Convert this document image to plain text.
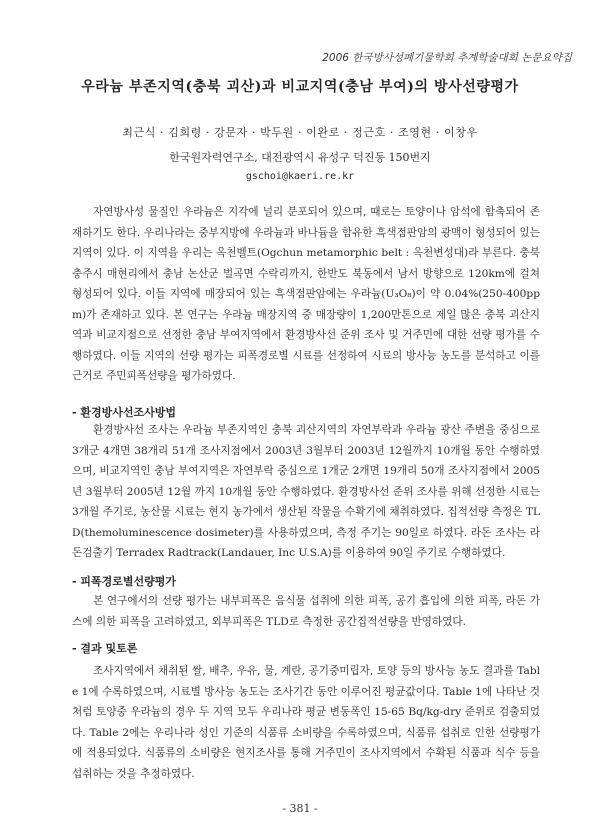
2006 한국방사성폐기물학회 추계학술대회 논문요약집
우라늄 부존지역(충북 괴산)과 비교지역(충남 부여)의 방사선량평가
최근식 · 김희령 · 강문자 · 박두원 · 이완로 · 정근호 · 조영현 · 이창우
한국원자력연구소, 대전광역시 유성구 덕진동 150번지
gschoi@kaeri.re.kr

자연방사성 물질인 우라늄은 지각에 널리 분포되어 있으며, 때로는 토양이나 암석에 함축되어 존재하기도 한다. 우리나라는 중부지방에 우라늄과 바나듐을 함유한 흑색점판암의 광맥이 형성되어 있는 지역이 있다. 이 지역을 우리는 옥천벨트(Ogchun metamorphic belt : 옥천변성대)라 부른다. 충북 충주시 매현리에서 충남 논산군 벌곡면 수락리까지, 한반도 북동에서 남서 방향으로 120km에 걸쳐 형성되어 있다. 이들 지역에 매장되어 있는 흑색점판암에는 우라늄(U₃O₈)이 약 0.04%(250-400ppm)가 존재하고 있다. 본 연구는 우라늄 매장지역 중 매장량이 1,200만톤으로 제일 많은 충북 괴산지역과 비교지점으로 선정한 충남 부여지역에서 환경방사선 준위 조사 및 거주민에 대한 선량 평가를 수행하였다. 이들 지역의 선량 평가는 피폭경로별 시료를 선정하여 시료의 방사능 농도를 분석하고 이를 근거로 주민피폭선량을 평가하였다.

- 환경방사선조사방법

환경방사선 조사는 우라늄 부존지역인 충북 괴산지역의 자연부락과 우라늄 광산 주변을 중심으로 3개군 4개면 38개리 51개 조사지점에서 2003년 3월부터 2003년 12월까지 10개월 동안 수행하였으며, 비교지역인 충남 부여지역은 자연부락 중심으로 1개군 2개면 19개리 50개 조사지점에서 2005년 3월부터 2005년 12월 까지 10개월 동안 수행하였다. 환경방사선 준위 조사를 위해 선정한 시료는 3개월 주기로, 농산물 시료는 현지 농가에서 생산된 작물을 수확기에 채취하였다. 집적선량 측정은 TLD(themoluminescence dosimeter)를 사용하였으며, 측정 주기는 90일로 하였다. 라돈 조사는 라돈검출기 Terradex Radtrack(Landauer, Inc U.S.A)를 이용하여 90일 주기로 수행하였다.

- 피폭경로별선량평가

본 연구에서의 선량 평가는 내부피폭은 음식물 섭취에 의한 피폭, 공기 흡입에 의한 피폭, 라돈 가스에 의한 피폭을 고려하였고, 외부피폭은 TLD로 측정한 공간집적선량을 반영하였다.

- 결과 및토론

조사지역에서 채취된 쌀, 배추, 우유, 물, 계란, 공기중미립자, 토양 등의 방사능 농도 결과를 Table 1에 수록하였으며, 시료별 방사능 농도는 조사기간 동안 이루어진 평균값이다. Table 1에 나타난 것처럼 토양중 우라늄의 경우 두 지역 모두 우리나라 평균 변동폭인 15-65 Bq/kg-dry 준위로 검출되었다. Table 2에는 우리나라 성인 기준의 식품류 소비량을 수록하였으며, 식품류 섭취로 인한 선량평가에 적용되었다. 식품류의 소비량은 현지조사를 통해 거주민이 조사지역에서 수확된 식품과 식수 등을 섭취하는 것을 추정하였다.

- 381 -
